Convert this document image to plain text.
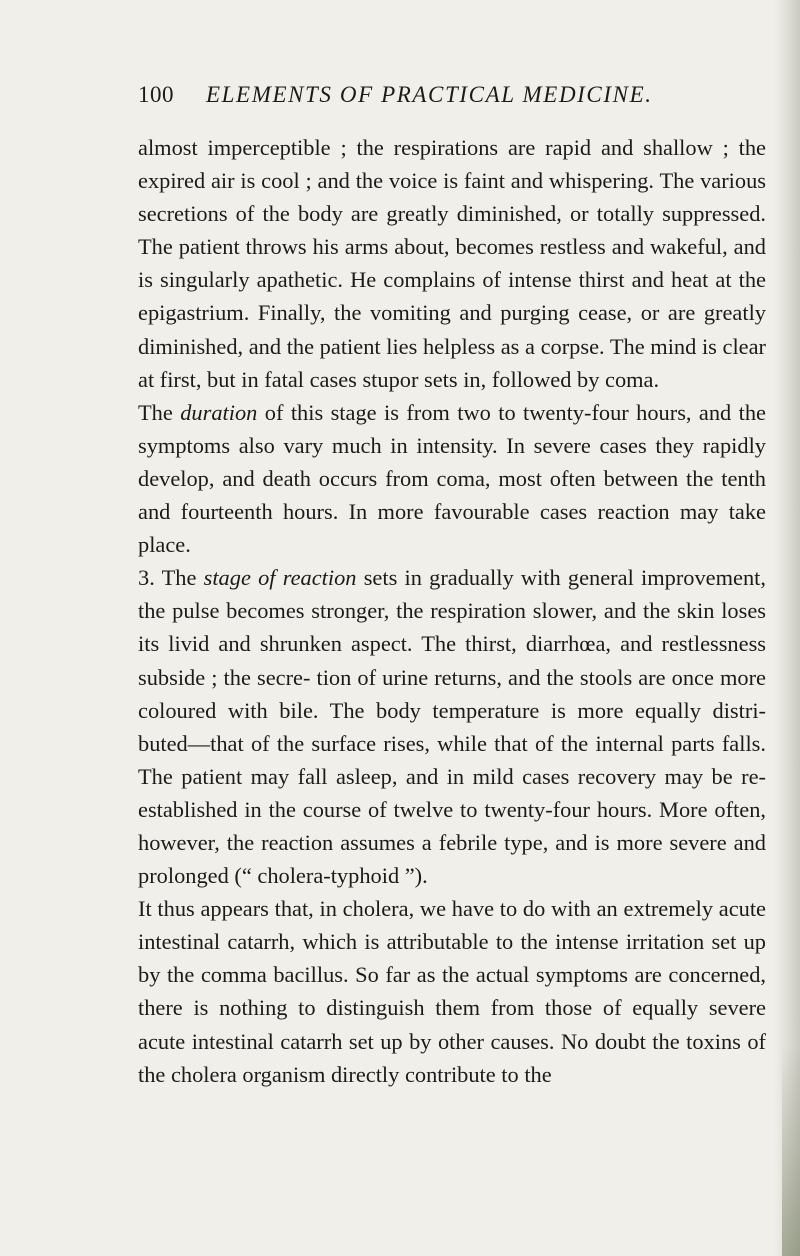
100 ELEMENTS OF PRACTICAL MEDICINE.

almost imperceptible ; the respirations are rapid and shallow ; the expired air is cool ; and the voice is faint and whispering. The various secretions of the body are greatly diminished, or totally suppressed. The patient throws his arms about, becomes restless and wakeful, and is singularly apathetic. He complains of intense thirst and heat at the epigastrium. Finally, the vomiting and purging cease, or are greatly diminished, and the patient lies helpless as a corpse. The mind is clear at first, but in fatal cases stupor sets in, followed by coma.

The duration of this stage is from two to twenty-four hours, and the symptoms also vary much in intensity. In severe cases they rapidly develop, and death occurs from coma, most often between the tenth and fourteenth hours. In more favourable cases reaction may take place.

3. The stage of reaction sets in gradually with general improvement, the pulse becomes stronger, the respiration slower, and the skin loses its livid and shrunken aspect. The thirst, diarrhœa, and restlessness subside ; the secre- tion of urine returns, and the stools are once more coloured with bile. The body temperature is more equally distri- buted—that of the surface rises, while that of the internal parts falls. The patient may fall asleep, and in mild cases recovery may be re-established in the course of twelve to twenty-four hours. More often, however, the reaction assumes a febrile type, and is more severe and prolonged (“ cholera-typhoid ”).

It thus appears that, in cholera, we have to do with an extremely acute intestinal catarrh, which is attributable to the intense irritation set up by the comma bacillus. So far as the actual symptoms are concerned, there is nothing to distinguish them from those of equally severe acute intestinal catarrh set up by other causes. No doubt the toxins of the cholera organism directly contribute to the
